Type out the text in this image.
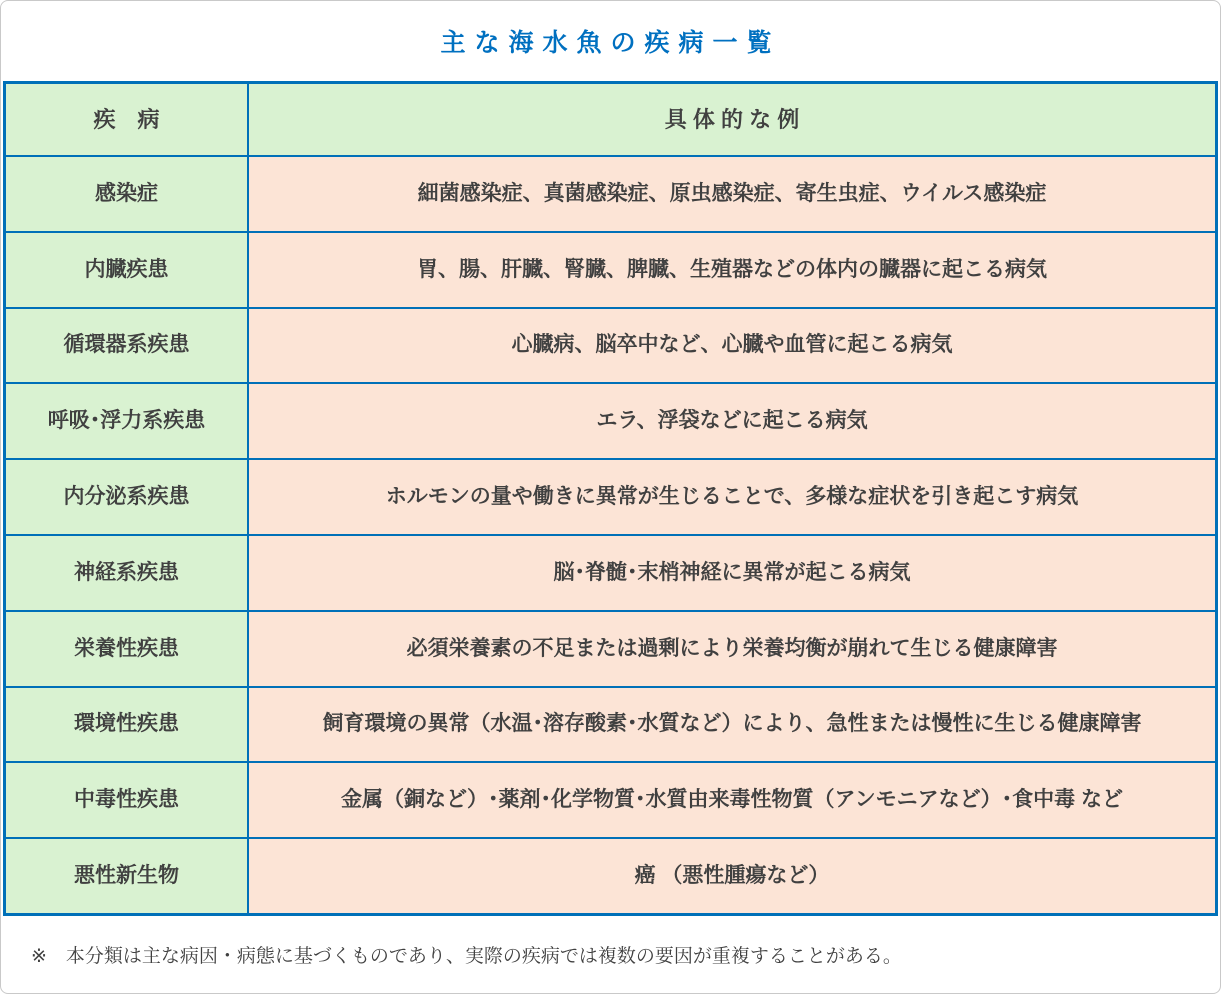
主な海水魚の疾病一覧
疾　病	具 体 的 な 例
感染症	細菌感染症、真菌感染症、原虫感染症、寄生虫症、ウイルス感染症
内臓疾患	胃、腸、肝臓、腎臓、脾臓、生殖器などの体内の臓器に起こる病気
循環器系疾患	心臓病、脳卒中など、心臓や血管に起こる病気
呼吸･浮力系疾患	エラ、浮袋などに起こる病気
内分泌系疾患	ホルモンの量や働きに異常が生じることで、多様な症状を引き起こす病気
神経系疾患	脳･脊髄･末梢神経に異常が起こる病気
栄養性疾患	必須栄養素の不足または過剰により栄養均衡が崩れて生じる健康障害
環境性疾患	飼育環境の異常（水温･溶存酸素･水質など）により、急性または慢性に生じる健康障害
中毒性疾患	金属（銅など）･薬剤･化学物質･水質由来毒性物質（アンモニアなど）･食中毒 など
悪性新生物	癌 （悪性腫瘍など）
※　本分類は主な病因・病態に基づくものであり、実際の疾病では複数の要因が重複することがある。
